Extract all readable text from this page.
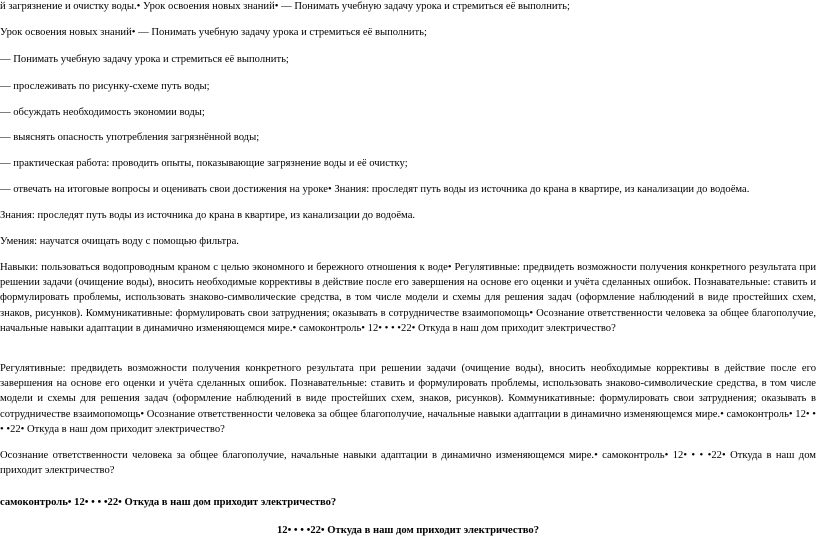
й загрязнение и очистку воды.• Урок освоения новых знаний• — Понимать учебную задачу урока и стремиться её выполнить;
Урок освоения новых знаний• — Понимать учебную задачу урока и стремиться её выполнить;
— Понимать учебную задачу урока и стремиться её выполнить;
— прослеживать по рисунку-схеме путь воды;
— обсуждать необходимость экономии воды;
— выяснять опасность употребления загрязнённой воды;
— практическая работа: проводить опыты, показывающие загрязнение воды и её очистку;
— отвечать на итоговые вопросы и оценивать свои достижения на уроке• Знания: проследят путь воды из источника до крана в квартире, из канализации до водоёма.
Знания: проследят путь воды из источника до крана в квартире, из канализации до водоёма.
Умения: научатся очищать воду с помощью фильтра.
Навыки: пользоваться водопроводным краном с целью экономного и бережного отношения к воде• Регулятивные: предвидеть возможности получения конкретного результата при решении задачи (очищение воды), вносить необходимые коррективы в действие после его завершения на основе его оценки и учёта сделанных ошибок. Познавательные: ставить и формулировать проблемы, использовать знаково-символические средства, в том числе модели и схемы для решения задач (оформление наблюдений в виде простейших схем, знаков, рисунков). Коммуникативные: формулировать свои затруднения; оказывать в сотрудничестве взаимопомощь• Осознание ответственности человека за общее благополучие, начальные навыки адаптации в динамично изменяющемся мире.• самоконтроль• 12• • • •22• Откуда в наш дом приходит электричество?
Регулятивные: предвидеть возможности получения конкретного результата при решении задачи (очищение воды), вносить необходимые коррективы в действие после его завершения на основе его оценки и учёта сделанных ошибок. Познавательные: ставить и формулировать проблемы, использовать знаково-символические средства, в том числе модели и схемы для решения задач (оформление наблюдений в виде простейших схем, знаков, рисунков). Коммуникативные: формулировать свои затруднения; оказывать в сотрудничестве взаимопомощь• Осознание ответственности человека за общее благополучие, начальные навыки адаптации в динамично изменяющемся мире.• самоконтроль• 12• • • •22• Откуда в наш дом приходит электричество?
Осознание ответственности человека за общее благополучие, начальные навыки адаптации в динамично изменяющемся мире.• самоконтроль• 12• • • •22• Откуда в наш дом приходит электричество?
самоконтроль• 12• • • •22• Откуда в наш дом приходит электричество?
12• • • •22• Откуда в наш дом приходит электричество?
